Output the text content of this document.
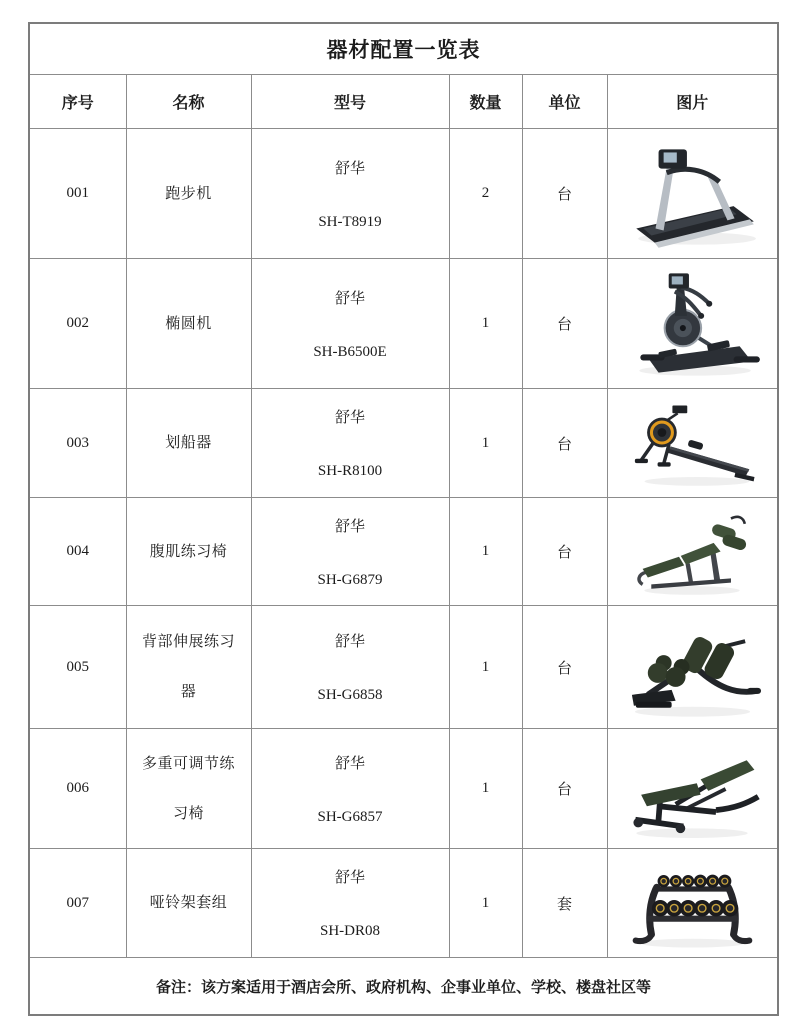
器材配置一览表					
序号	名称	型号	数量	单位	图片
001	跑步机	舒华
SH-T8919	2	台	

002	椭圆机	舒华
SH-B6500E	1	台	

003	划船器	舒华
SH-R8100	1	台	

004	腹肌练习椅	舒华
SH-G6879	1	台	

005	背部伸展练习器	舒华
SH-G6858	1	台	

006	多重可调节练习椅	舒华
SH-G6857	1	台	

007	哑铃架套组	舒华
SH-DR08	1	套	

备注：该方案适用于酒店会所、政府机构、企事业单位、学校、楼盘社区等					
